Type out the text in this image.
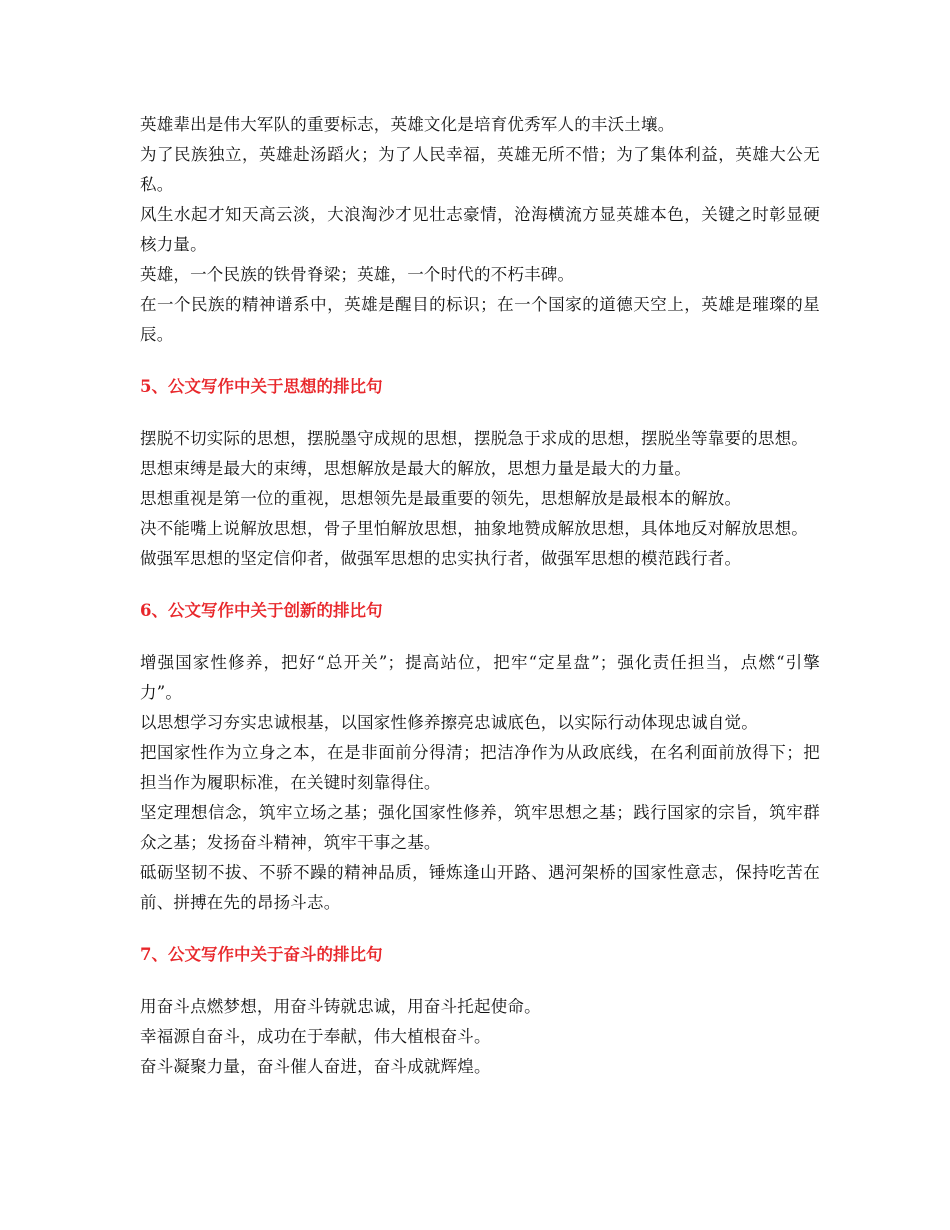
英雄辈出是伟大军队的重要标志，英雄文化是培育优秀军人的丰沃土壤。

为了民族独立，英雄赴汤蹈火；为了人民幸福，英雄无所不惜；为了集体利益，英雄大公无私。

风生水起才知天高云淡，大浪淘沙才见壮志豪情，沧海横流方显英雄本色，关键之时彰显硬核力量。

英雄，一个民族的铁骨脊梁；英雄，一个时代的不朽丰碑。

在一个民族的精神谱系中，英雄是醒目的标识；在一个国家的道德天空上，英雄是璀璨的星辰。

5、公文写作中关于思想的排比句

摆脱不切实际的思想，摆脱墨守成规的思想，摆脱急于求成的思想，摆脱坐等靠要的思想。

思想束缚是最大的束缚，思想解放是最大的解放，思想力量是最大的力量。

思想重视是第一位的重视，思想领先是最重要的领先，思想解放是最根本的解放。

决不能嘴上说解放思想，骨子里怕解放思想，抽象地赞成解放思想，具体地反对解放思想。

做强军思想的坚定信仰者，做强军思想的忠实执行者，做强军思想的模范践行者。

6、公文写作中关于创新的排比句

增强国家性修养，把好“总开关”；提高站位，把牢“定星盘”；强化责任担当，点燃“引擎力”。

以思想学习夯实忠诚根基，以国家性修养擦亮忠诚底色，以实际行动体现忠诚自觉。

把国家性作为立身之本，在是非面前分得清；把洁净作为从政底线，在名利面前放得下；把担当作为履职标准，在关键时刻靠得住。

坚定理想信念，筑牢立场之基；强化国家性修养，筑牢思想之基；践行国家的宗旨，筑牢群众之基；发扬奋斗精神，筑牢干事之基。

砥砺坚韧不拔、不骄不躁的精神品质，锤炼逢山开路、遇河架桥的国家性意志，保持吃苦在前、拼搏在先的昂扬斗志。

7、公文写作中关于奋斗的排比句

用奋斗点燃梦想，用奋斗铸就忠诚，用奋斗托起使命。

幸福源自奋斗，成功在于奉献，伟大植根奋斗。

奋斗凝聚力量，奋斗催人奋进，奋斗成就辉煌。
